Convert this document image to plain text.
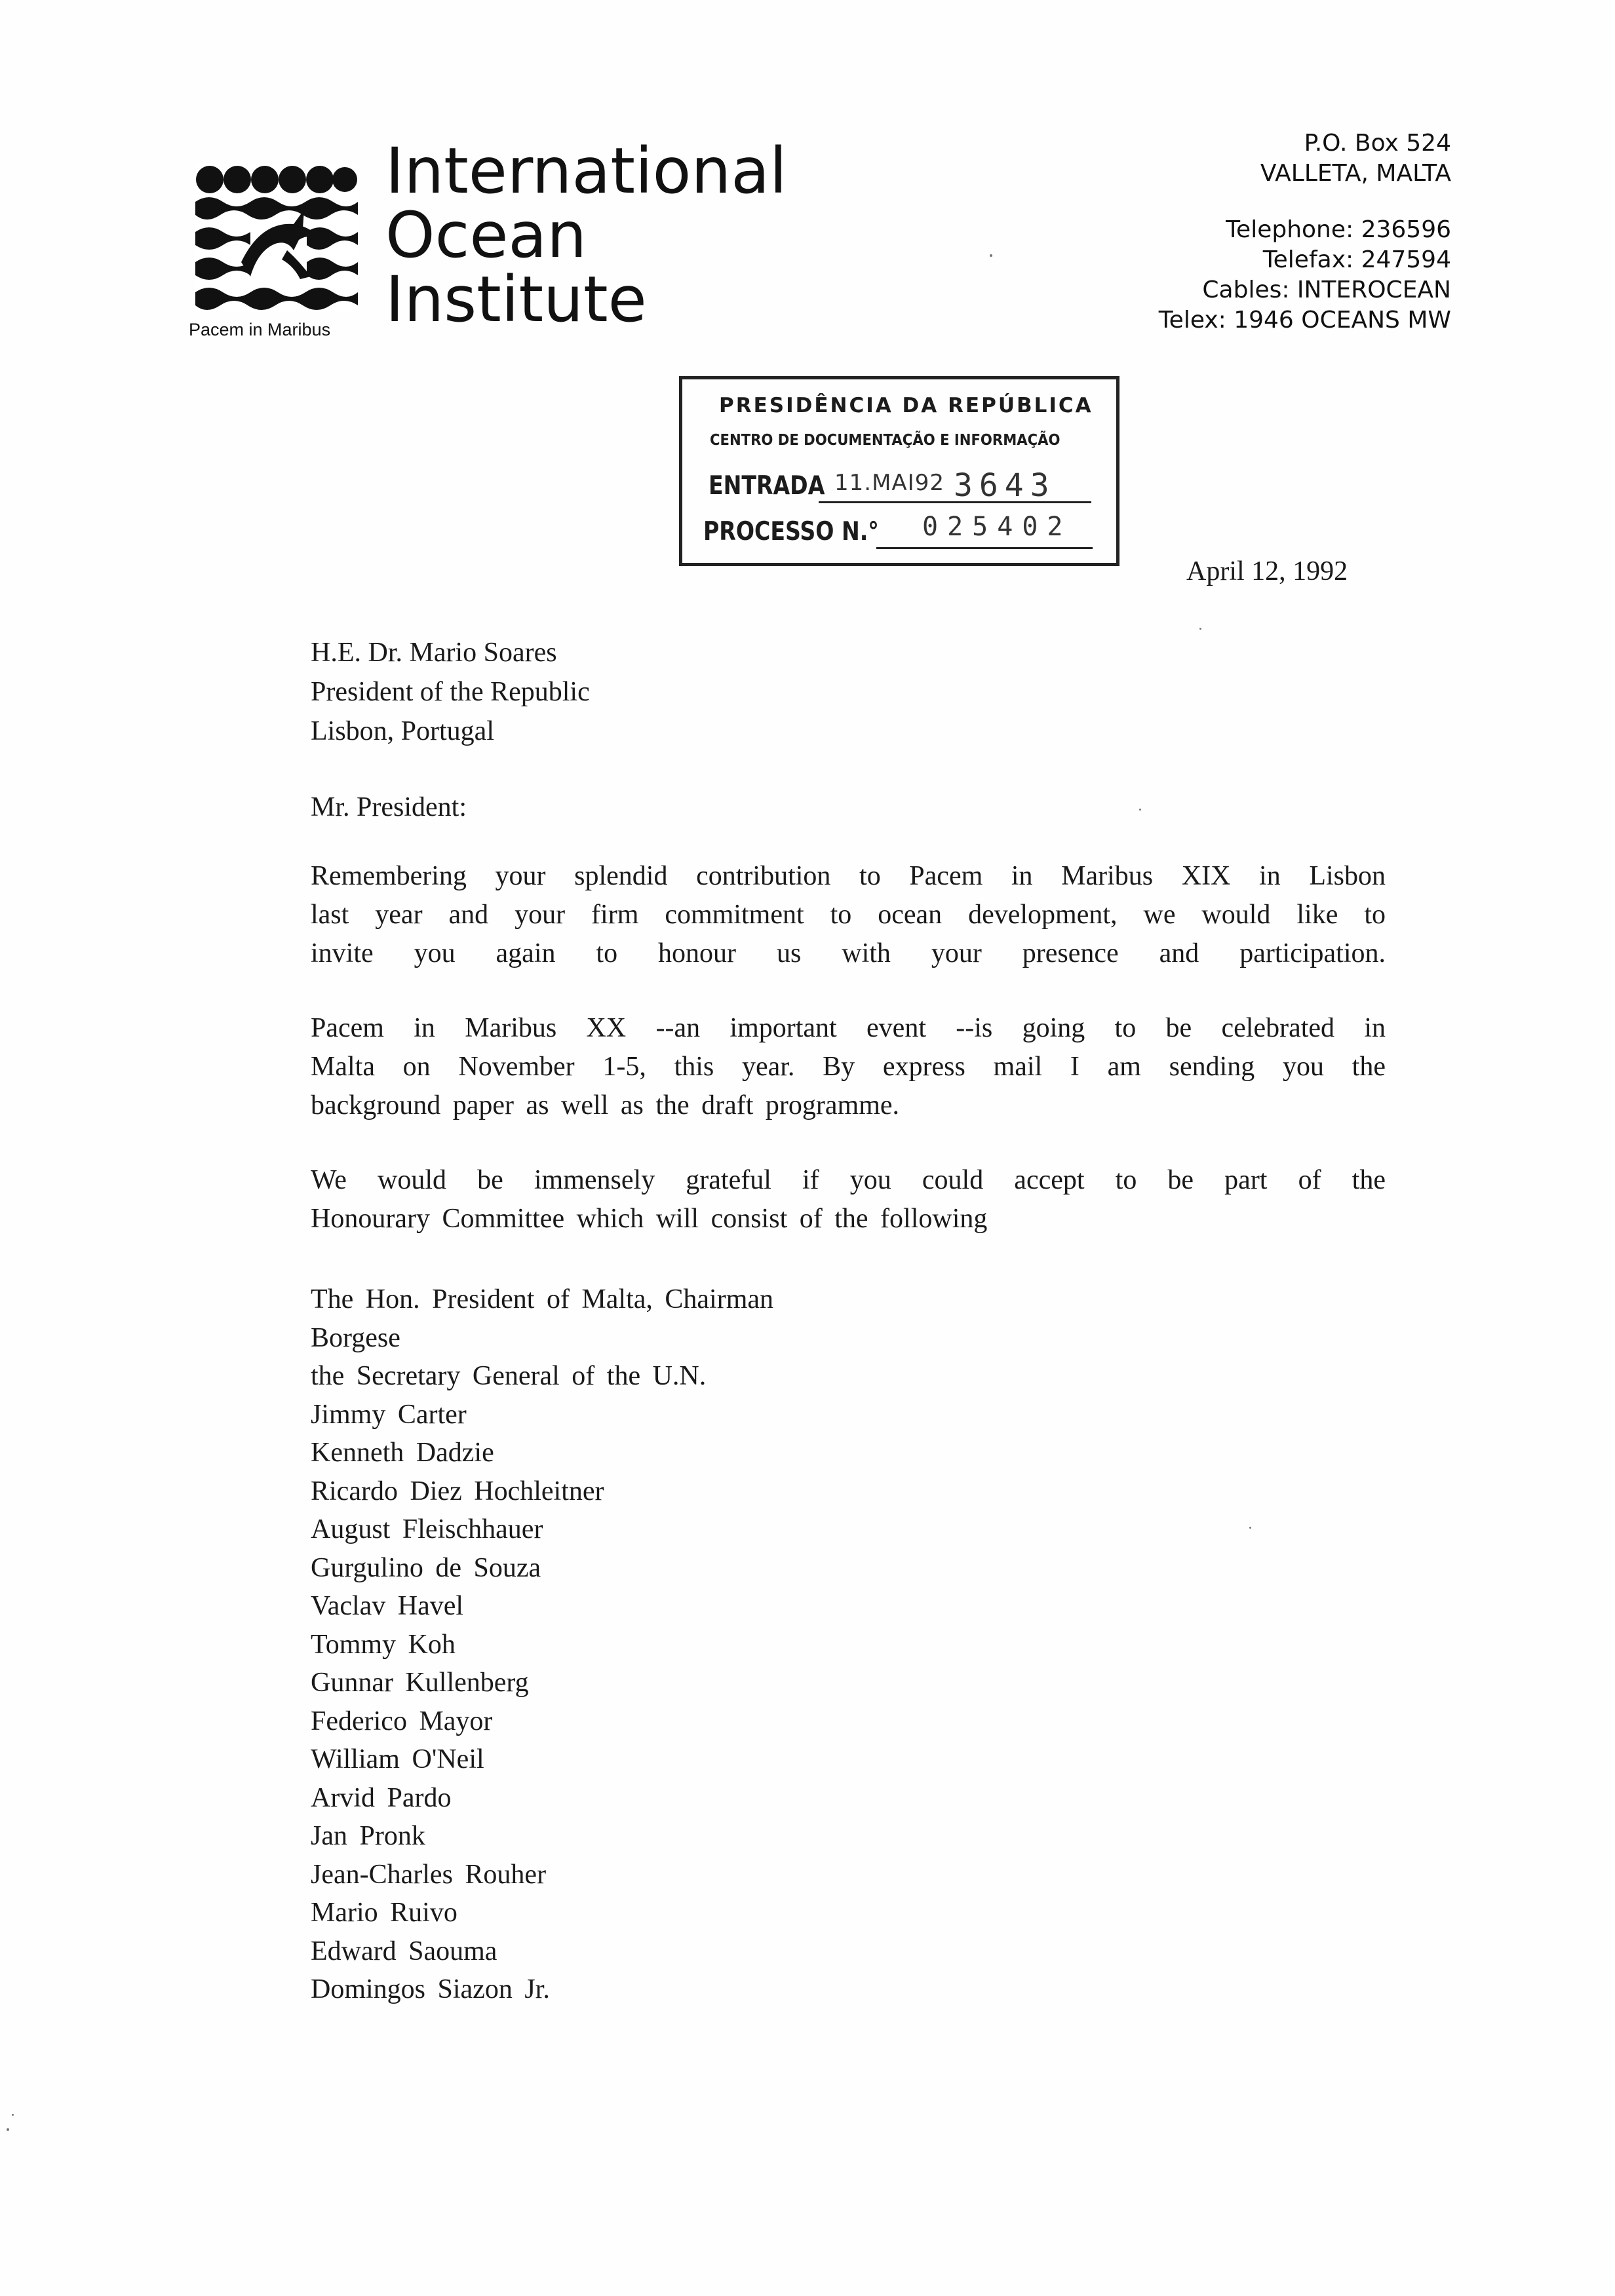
Pacem in Maribus
International
Ocean
Institute
P.O. Box 524
VALLETA, MALTA
Telephone: 236596
Telefax: 247594
Cables: INTEROCEAN
Telex: 1946 OCEANS MW
PRESIDÊNCIA DA REPÚBLICA
CENTRO DE DOCUMENTAÇÃO E INFORMAÇÃO
ENTRADA 11.MAI92 3643
PROCESSO N.° 025402
April 12, 1992
H.E. Dr. Mario Soares
President of the Republic
Lisbon, Portugal
Mr. President:
Remembering your splendid contribution to Pacem in Maribus XIX in Lisbon
last year and your firm commitment to ocean development, we would like to
invite you again to honour us with your presence and participation.
Pacem in Maribus XX --an important event --is going to be celebrated in
Malta on November 1-5, this year. By express mail I am sending you the
background paper as well as the draft programme.
We would be immensely grateful if you could accept to be part of the
Honourary Committee which will consist of the following
The Hon. President of Malta, Chairman
Borgese
the Secretary General of the U.N.
Jimmy Carter
Kenneth Dadzie
Ricardo Diez Hochleitner
August Fleischhauer
Gurgulino de Souza
Vaclav Havel
Tommy Koh
Gunnar Kullenberg
Federico Mayor
William O'Neil
Arvid Pardo
Jan Pronk
Jean-Charles Rouher
Mario Ruivo
Edward Saouma
Domingos Siazon Jr.
